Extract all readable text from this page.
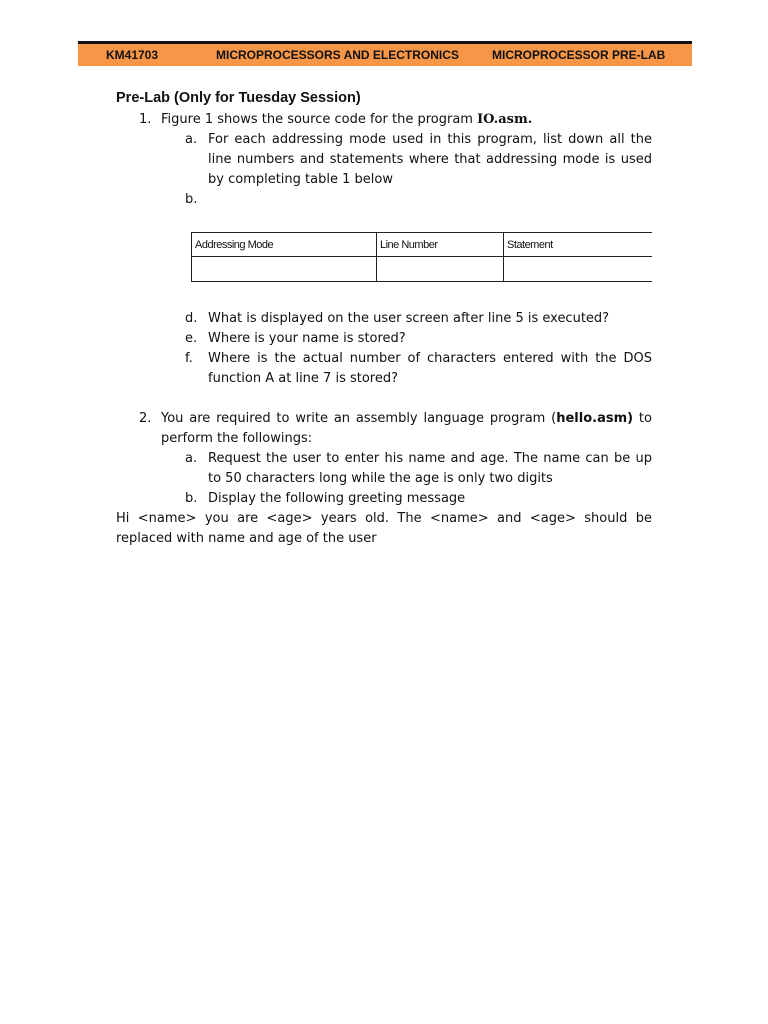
KM41703	MICROPROCESSORS AND ELECTRONICS	MICROPROCESSOR PRE-LAB
Pre-Lab (Only for Tuesday Session)
1. Figure 1 shows the source code for the program IO.asm.
a. For each addressing mode used in this program, list down all the line numbers and statements where that addressing mode is used by completing table 1 below
b.
Addressing Mode	Line Number	Statement

d. What is displayed on the user screen after line 5 is executed?
e. Where is your name is stored?
f. Where is the actual number of characters entered with the DOS function A at line 7 is stored?
2. You are required to write an assembly language program (hello.asm) to perform the followings:
a. Request the user to enter his name and age. The name can be up to 50 characters long while the age is only two digits
b. Display the following greeting message
Hi <name> you are <age> years old. The <name> and <age> should be replaced with name and age of the user
